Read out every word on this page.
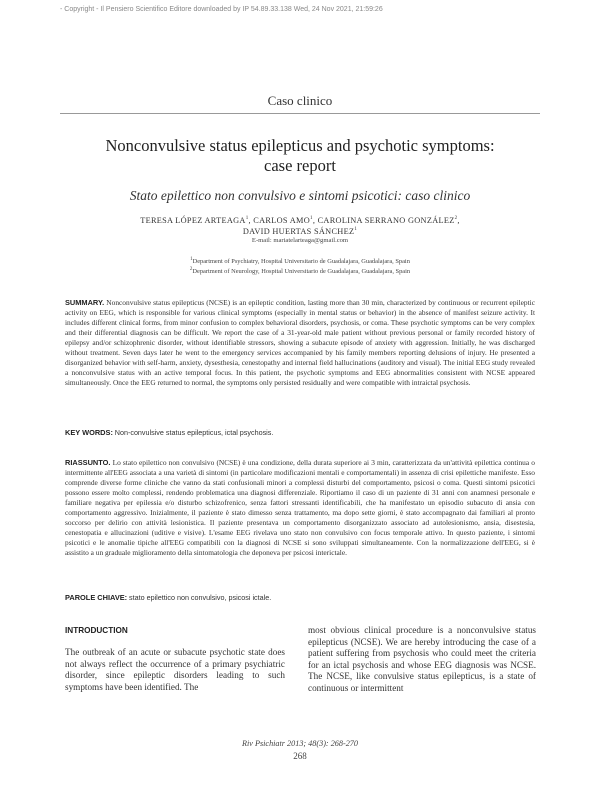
- Copyright - Il Pensiero Scientifico Editore downloaded by IP 54.89.33.138 Wed, 24 Nov 2021, 21:59:26
Caso clinico
Nonconvulsive status epilepticus and psychotic symptoms:
case report
Stato epilettico non convulsivo e sintomi psicotici: caso clinico
TERESA LÓPEZ ARTEAGA$^1$, CARLOS AMO$^1$, CAROLINA SERRANO GONZÁLEZ$^2$,
DAVID HUERTAS SÁNCHEZ$^1$
E-mail: mariatelarteaga@gmail.com
$^1$Department of Psychiatry, Hospital Universitario de Guadalajara, Guadalajara, Spain
$^2$Department of Neurology, Hospital Universitario de Guadalajara, Guadalajara, Spain
SUMMARY. Nonconvulsive status epilepticus (NCSE) is an epileptic condition, lasting more than 30 min, characterized by continuous or recurrent epileptic activity on EEG, which is responsible for various clinical symptoms (especially in mental status or behavior) in the absence of manifest seizure activity. It includes different clinical forms, from minor confusion to complex behavioral disorders, psychosis, or coma. These psychotic symptoms can be very complex and their differential diagnosis can be difficult. We report the case of a 31-year-old male patient without previous personal or family recorded history of epilepsy and/or schizophrenic disorder, without identifiable stressors, showing a subacute episode of anxiety with aggression. Initially, he was discharged without treatment. Seven days later he went to the emergency services accompanied by his family members reporting delusions of injury. He presented a disorganized behavior with self-harm, anxiety, dysesthesia, cenestopathy and internal field hallucinations (auditory and visual). The initial EEG study revealed a nonconvulsive status with an active temporal focus. In this patient, the psychotic symptoms and EEG abnormalities consistent with NCSE appeared simultaneously. Once the EEG returned to normal, the symptoms only persisted residually and were compatible with intraictal psychosis.
KEY WORDS: Non-convulsive status epilepticus, ictal psychosis.
RIASSUNTO. Lo stato epilettico non convulsivo (NCSE) è una condizione, della durata superiore ai 3 min, caratterizzata da un'attività epilettica continua o intermittente all'EEG associata a una varietà di sintomi (in particolare modificazioni mentali e comportamentali) in assenza di crisi epilettiche manifeste. Esso comprende diverse forme cliniche che vanno da stati confusionali minori a complessi disturbi del comportamento, psicosi o coma. Questi sintomi psicotici possono essere molto complessi, rendendo problematica una diagnosi differenziale. Riportiamo il caso di un paziente di 31 anni con anamnesi personale e familiare negativa per epilessia e/o disturbo schizofrenico, senza fattori stressanti identificabili, che ha manifestato un episodio subacuto di ansia con comportamento aggressivo. Inizialmente, il paziente è stato dimesso senza trattamento, ma dopo sette giorni, è stato accompagnato dai familiari al pronto soccorso per delirio con attività lesionistica. Il paziente presentava un comportamento disorganizzato associato ad autolesionismo, ansia, disestesia, cenestopatia e allucinazioni (uditive e visive). L'esame EEG rivelava uno stato non convulsivo con focus temporale attivo. In questo paziente, i sintomi psicotici e le anomalie tipiche all'EEG compatibili con la diagnosi di NCSE si sono sviluppati simultaneamente. Con la normalizzazione dell'EEG, si è assistito a un graduale miglioramento della sintomatologia che deponeva per psicosi interictale.
PAROLE CHIAVE: stato epilettico non convulsivo, psicosi ictale.
INTRODUCTION
The outbreak of an acute or subacute psychotic state does not always reflect the occurrence of a primary psychiatric disorder, since epileptic disorders leading to such symptoms have been identified. The
most obvious clinical procedure is a nonconvulsive status epilepticus (NCSE). We are hereby introducing the case of a patient suffering from psychosis who could meet the criteria for an ictal psychosis and whose EEG diagnosis was NCSE. The NCSE, like convulsive status epilepticus, is a state of continuous or intermittent
Riv Psichiatr 2013; 48(3): 268-270
268
